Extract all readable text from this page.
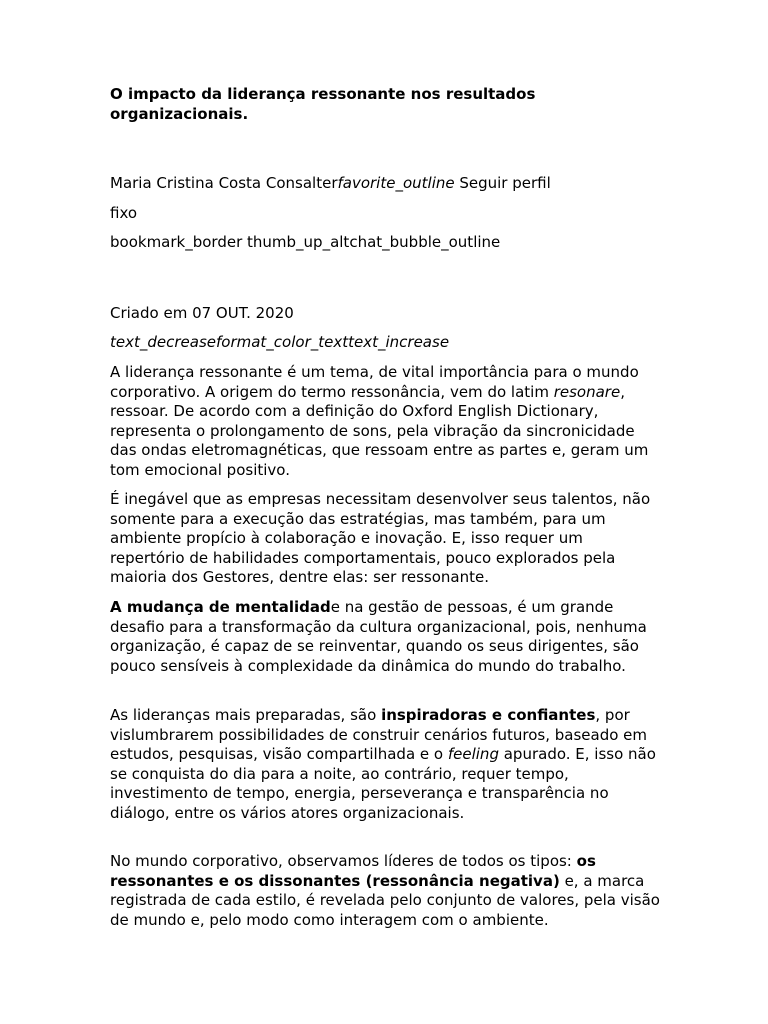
O impacto da liderança ressonante nos resultados organizacionais.
Maria Cristina Costa Consalterfavorite_outline Seguir perfil
fixo
bookmark_border thumb_up_altchat_bubble_outline
Criado em 07 OUT. 2020
text_decreaseformat_color_texttext_increase

A liderança ressonante é um tema, de vital importância para o mundo corporativo. A origem do termo ressonância, vem do latim resonare, ressoar. De acordo com a definição do Oxford English Dictionary, representa o prolongamento de sons, pela vibração da sincronicidade das ondas eletromagnéticas, que ressoam entre as partes e, geram um tom emocional positivo.

É inegável que as empresas necessitam desenvolver seus talentos, não somente para a execução das estratégias, mas também, para um ambiente propício à colaboração e inovação. E, isso requer um repertório de habilidades comportamentais, pouco explorados pela maioria dos Gestores, dentre elas: ser ressonante.

A mudança de mentalidade na gestão de pessoas, é um grande desafio para a transformação da cultura organizacional, pois, nenhuma organização, é capaz de se reinventar, quando os seus dirigentes, são pouco sensíveis à complexidade da dinâmica do mundo do trabalho.

As lideranças mais preparadas, são inspiradoras e confiantes, por vislumbrarem possibilidades de construir cenários futuros, baseado em estudos, pesquisas, visão compartilhada e o feeling apurado. E, isso não se conquista do dia para a noite, ao contrário, requer tempo, investimento de tempo, energia, perseverança e transparência no diálogo, entre os vários atores organizacionais.

No mundo corporativo, observamos líderes de todos os tipos: os ressonantes e os dissonantes (ressonância negativa) e, a marca registrada de cada estilo, é revelada pelo conjunto de valores, pela visão de mundo e, pelo modo como interagem com o ambiente.
